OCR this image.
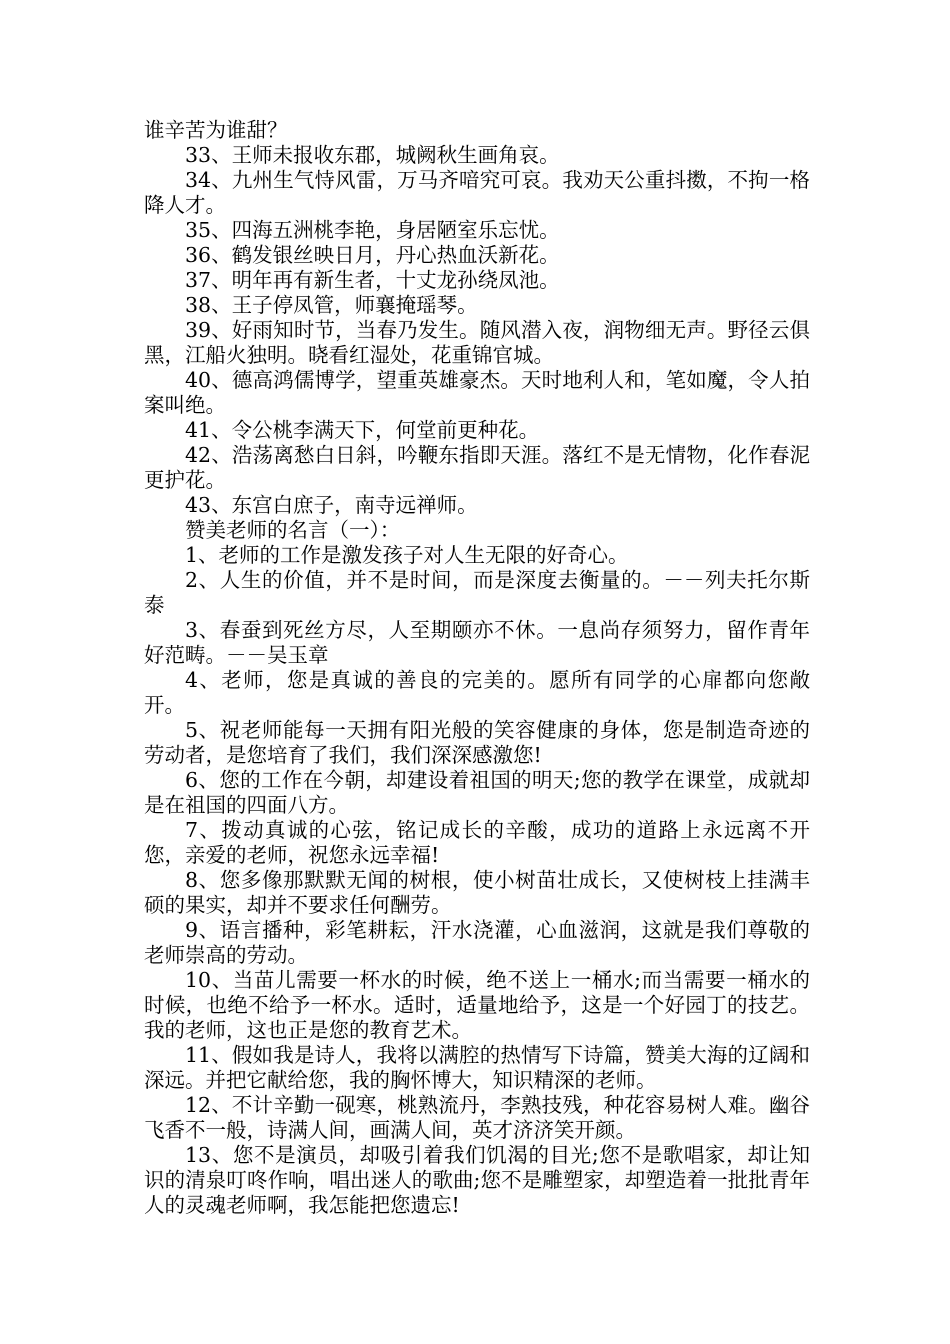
谁辛苦为谁甜？

33、王师未报收东郡，城阙秋生画角哀。

34、九州生气恃风雷，万马齐喑究可哀。我劝天公重抖擞，不拘一格降人才。

35、四海五洲桃李艳，身居陋室乐忘忧。

36、鹤发银丝映日月，丹心热血沃新花。

37、明年再有新生者，十丈龙孙绕凤池。

38、王子停凤管，师襄掩瑶琴。

39、好雨知时节，当春乃发生。随风潜入夜，润物细无声。野径云俱黑，江船火独明。晓看红湿处，花重锦官城。

40、德高鸿儒博学，望重英雄豪杰。天时地利人和，笔如魔，令人拍案叫绝。

41、令公桃李满天下，何堂前更种花。

42、浩荡离愁白日斜，吟鞭东指即天涯。落红不是无情物，化作春泥更护花。

43、东宫白庶子，南寺远禅师。

赞美老师的名言（一）：

1、老师的工作是激发孩子对人生无限的好奇心。

2、人生的价值，并不是时间，而是深度去衡量的。－－列夫托尔斯泰

3、春蚕到死丝方尽，人至期颐亦不休。一息尚存须努力，留作青年好范畴。－－吴玉章

4、老师，您是真诚的善良的完美的。愿所有同学的心扉都向您敞开。

5、祝老师能每一天拥有阳光般的笑容健康的身体，您是制造奇迹的劳动者，是您培育了我们，我们深深感激您!

6、您的工作在今朝，却建设着祖国的明天;您的教学在课堂，成就却是在祖国的四面八方。

7、拨动真诚的心弦，铭记成长的辛酸，成功的道路上永远离不开您，亲爱的老师，祝您永远幸福!

8、您多像那默默无闻的树根，使小树苗壮成长，又使树枝上挂满丰硕的果实，却并不要求任何酬劳。

9、语言播种，彩笔耕耘，汗水浇灌，心血滋润，这就是我们尊敬的老师崇高的劳动。

10、当苗儿需要一杯水的时候，绝不送上一桶水;而当需要一桶水的时候，也绝不给予一杯水。适时，适量地给予，这是一个好园丁的技艺。我的老师，这也正是您的教育艺术。

11、假如我是诗人，我将以满腔的热情写下诗篇，赞美大海的辽阔和深远。并把它献给您，我的胸怀博大，知识精深的老师。

12、不计辛勤一砚寒，桃熟流丹，李熟技残，种花容易树人难。幽谷飞香不一般，诗满人间，画满人间，英才济济笑开颜。

13、您不是演员，却吸引着我们饥渴的目光;您不是歌唱家，却让知识的清泉叮咚作响，唱出迷人的歌曲;您不是雕塑家，却塑造着一批批青年人的灵魂老师啊，我怎能把您遗忘!
